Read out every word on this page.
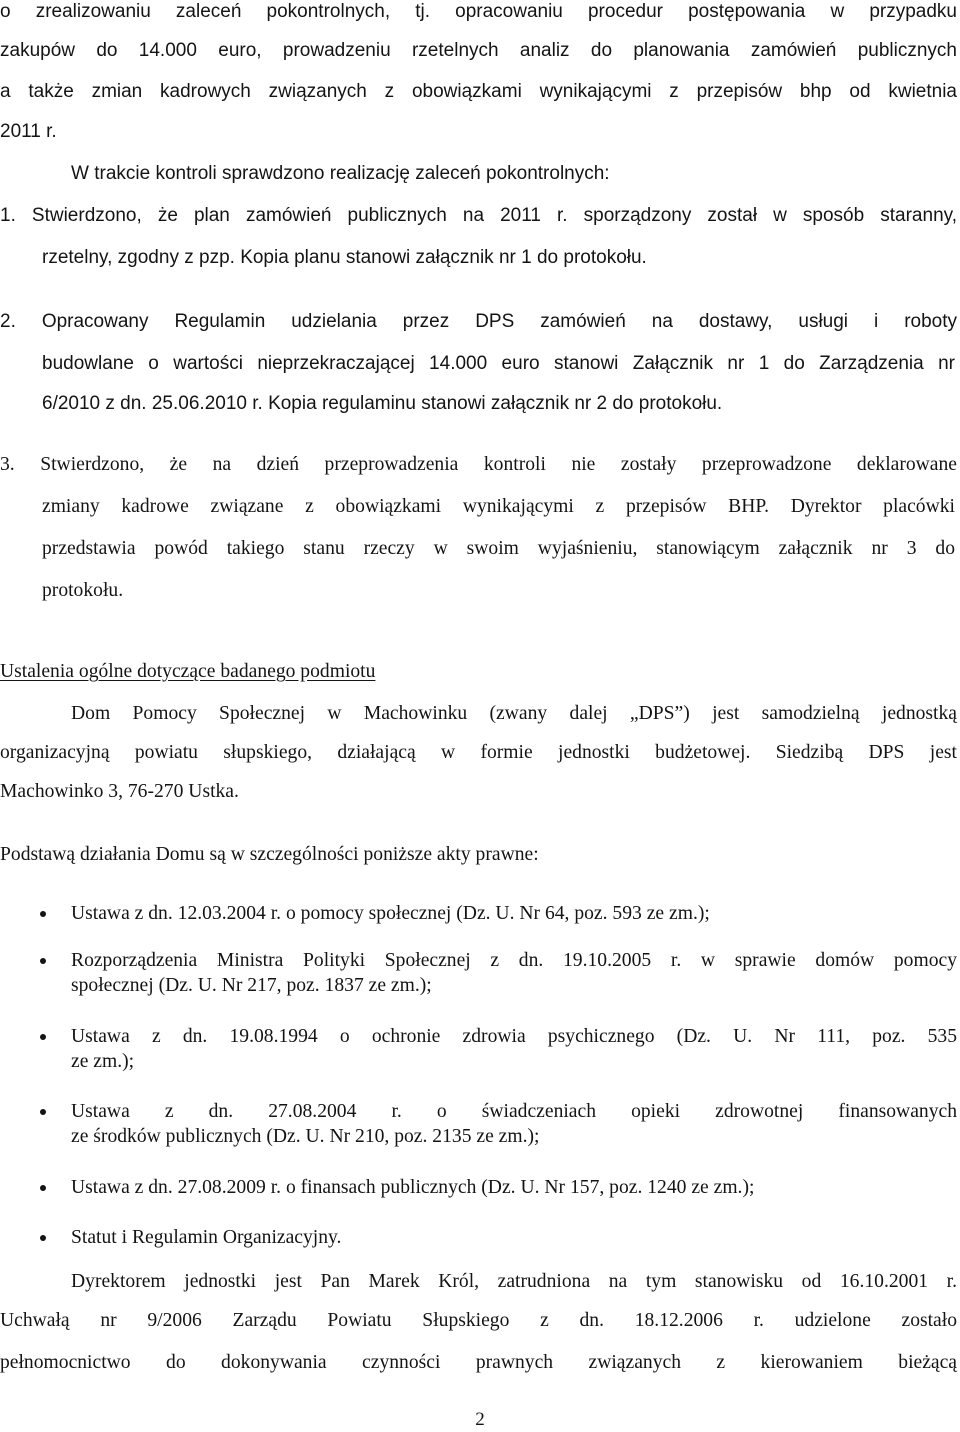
o zrealizowaniu zaleceń pokontrolnych, tj. opracowaniu procedur postępowania w przypadku

zakupów do 14.000 euro, prowadzeniu rzetelnych analiz do planowania zamówień publicznych

a także zmian kadrowych związanych z obowiązkami wynikającymi z przepisów bhp od kwietnia

2011 r.

W trakcie kontroli sprawdzono realizację zaleceń pokontrolnych:

1. Stwierdzono, że plan zamówień publicznych na 2011 r. sporządzony został w sposób staranny,

rzetelny, zgodny z pzp. Kopia planu stanowi załącznik nr 1 do protokołu.

2. Opracowany Regulamin udzielania przez DPS zamówień na dostawy, usługi i roboty

budowlane o wartości nieprzekraczającej 14.000 euro stanowi Załącznik nr 1 do Zarządzenia nr

6/2010 z dn. 25.06.2010 r. Kopia regulaminu stanowi załącznik nr 2 do protokołu.

3. Stwierdzono, że na dzień przeprowadzenia kontroli nie zostały przeprowadzone deklarowane

zmiany kadrowe związane z obowiązkami wynikającymi z przepisów BHP. Dyrektor placówki

przedstawia powód takiego stanu rzeczy w swoim wyjaśnieniu, stanowiącym załącznik nr 3 do

protokołu.

Ustalenia ogólne dotyczące badanego podmiotu

Dom Pomocy Społecznej w Machowinku (zwany dalej „DPS”) jest samodzielną jednostką

organizacyjną powiatu słupskiego, działającą w formie jednostki budżetowej. Siedzibą DPS jest

Machowinko 3, 76-270 Ustka.

Podstawą działania Domu są w szczególności poniższe akty prawne:

Ustawa z dn. 12.03.2004 r. o pomocy społecznej (Dz. U. Nr 64, poz. 593 ze zm.);

Rozporządzenia Ministra Polityki Społecznej z dn. 19.10.2005 r. w sprawie domów pomocy

społecznej (Dz. U. Nr 217, poz. 1837 ze zm.);

Ustawa z dn. 19.08.1994 o ochronie zdrowia psychicznego (Dz. U. Nr 111, poz. 535

ze zm.);

Ustawa z dn. 27.08.2004 r. o świadczeniach opieki zdrowotnej finansowanych

ze środków publicznych (Dz. U. Nr 210, poz. 2135 ze zm.);

Ustawa z dn. 27.08.2009 r. o finansach publicznych (Dz. U. Nr 157, poz. 1240 ze zm.);

Statut i Regulamin Organizacyjny.

Dyrektorem jednostki jest Pan Marek Król, zatrudniona na tym stanowisku od 16.10.2001 r.

Uchwałą nr 9/2006 Zarządu Powiatu Słupskiego z dn. 18.12.2006 r. udzielone zostało

pełnomocnictwo do dokonywania czynności prawnych związanych z kierowaniem bieżącą

2
